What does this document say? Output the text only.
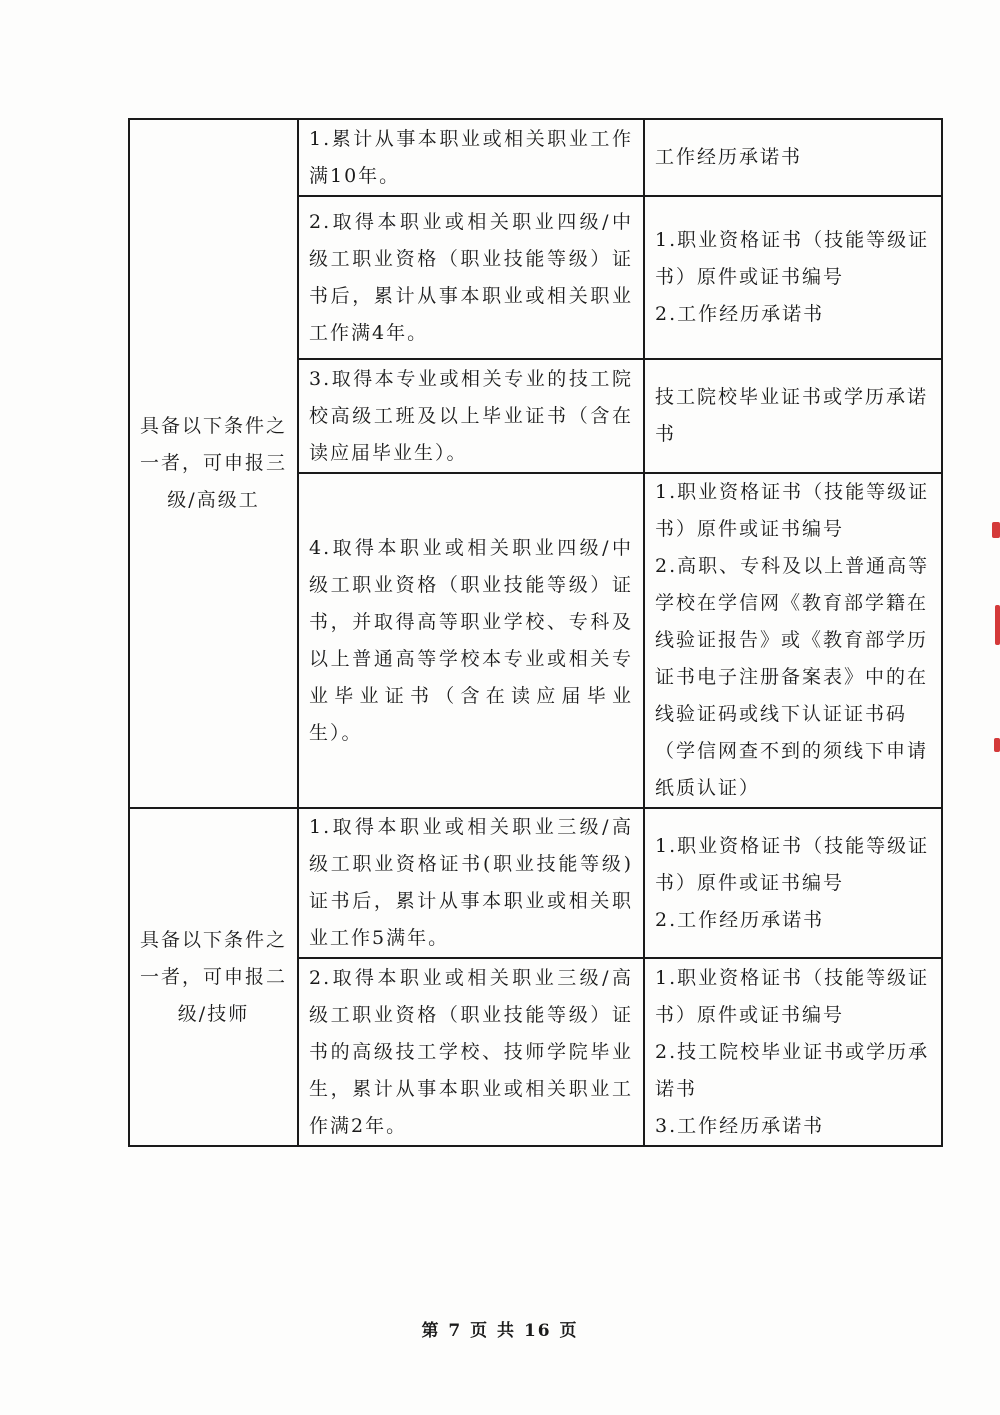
具备以下条件之一者，可申报三级/高级工	1.累计从事本职业或相关职业工作满10年。	工作经历承诺书

	2.取得本职业或相关职业四级/中级工职业资格（职业技能等级）证书后，累计从事本职业或相关职业工作满4年。	1.职业资格证书（技能等级证书）原件或证书编号
2.工作经历承诺书

	3.取得本专业或相关专业的技工院校高级工班及以上毕业证书（含在读应届毕业生）。	技工院校毕业证书或学历承诺书

	4.取得本职业或相关职业四级/中级工职业资格（职业技能等级）证书，并取得高等职业学校、专科及以上普通高等学校本专业或相关专业毕业证书（含在读应届毕业生）。	1.职业资格证书（技能等级证书）原件或证书编号
2.高职、专科及以上普通高等学校在学信网《教育部学籍在线验证报告》或《教育部学历证书电子注册备案表》中的在线验证码或线下认证证书码（学信网查不到的须线下申请纸质认证）

具备以下条件之一者，可申报二级/技师	1.取得本职业或相关职业三级/高级工职业资格证书(职业技能等级)证书后，累计从事本职业或相关职业工作5满年。	1.职业资格证书（技能等级证书）原件或证书编号
2.工作经历承诺书

	2.取得本职业或相关职业三级/高级工职业资格（职业技能等级）证书的高级技工学校、技师学院毕业生，累计从事本职业或相关职业工作满2年。	1.职业资格证书（技能等级证书）原件或证书编号
2.技工院校毕业证书或学历承诺书
3.工作经历承诺书
第 7 页 共 16 页
